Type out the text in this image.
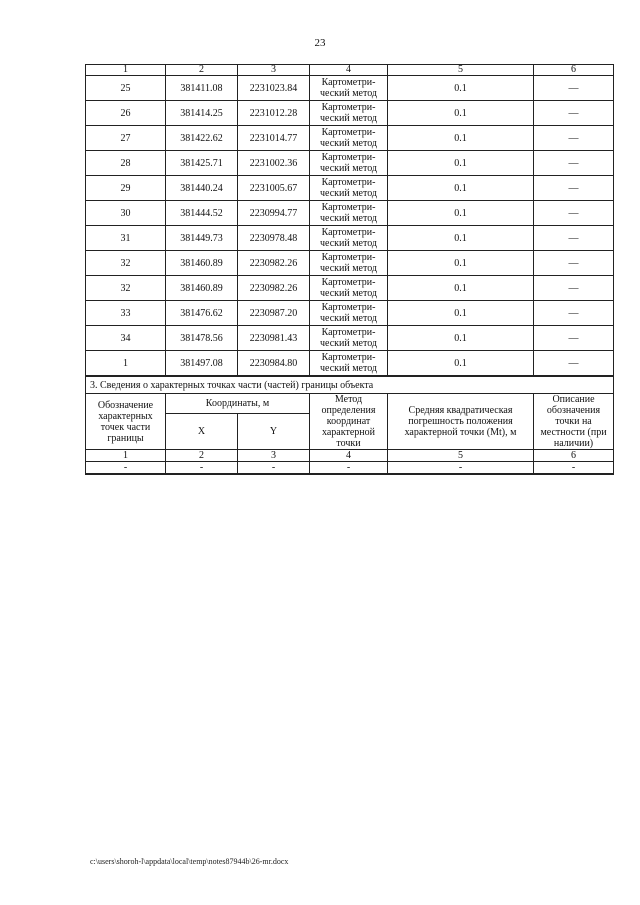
23
1	2	3	4	5	6
25	381411.08	2231023.84	Картометри-ческий метод	0.1	—
26	381414.25	2231012.28	Картометри-ческий метод	0.1	—
27	381422.62	2231014.77	Картометри-ческий метод	0.1	—
28	381425.71	2231002.36	Картометри-ческий метод	0.1	—
29	381440.24	2231005.67	Картометри-ческий метод	0.1	—
30	381444.52	2230994.77	Картометри-ческий метод	0.1	—
31	381449.73	2230978.48	Картометри-ческий метод	0.1	—
32	381460.89	2230982.26	Картометри-ческий метод	0.1	—
32	381460.89	2230982.26	Картометри-ческий метод	0.1	—
33	381476.62	2230987.20	Картометри-ческий метод	0.1	—
34	381478.56	2230981.43	Картометри-ческий метод	0.1	—
1	381497.08	2230984.80	Картометри-ческий метод	0.1	—
3. Сведения о характерных точках части (частей) границы объекта					
Обозначение характерных точек части границы	Координаты, м		Метод определения координат характерной точки	Средняя квадратическая погрешность положения характерной точки (Mt), м	Описание обозначения точки на местности (при наличии)
	X	Y			
1	2	3	4	5	6
-	-	-	-	-	-
c:\users\shoroh-l\appdata\local\temp\notes87944b\26-mr.docx
